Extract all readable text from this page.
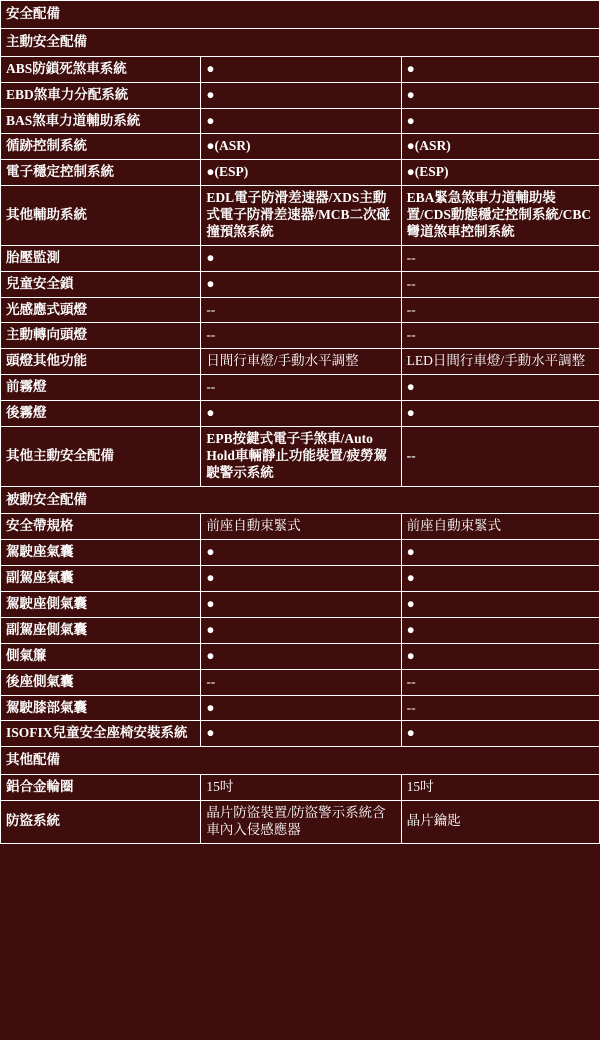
安全配備		
主動安全配備		
ABS防鎖死煞車系統	●	●
EBD煞車力分配系統	●	●
BAS煞車力道輔助系統	●	●
循跡控制系統	●(ASR)	●(ASR)
電子穩定控制系統	●(ESP)	●(ESP)
其他輔助系統	EDL電子防滑差速器/XDS主動式電子防滑差速器/MCB二次碰撞預煞系統	EBA緊急煞車力道輔助裝置/CDS動態穩定控制系統/CBC彎道煞車控制系統
胎壓監測	●	--
兒童安全鎖	●	--
光感應式頭燈	--	--
主動轉向頭燈	--	--
頭燈其他功能	日間行車燈/手動水平調整	LED日間行車燈/手動水平調整
前霧燈	--	●
後霧燈	●	●
其他主動安全配備	EPB按鍵式電子手煞車/Auto Hold車輛靜止功能裝置/疲勞駕駛警示系統	--
被動安全配備		
安全帶規格	前座自動束緊式	前座自動束緊式
駕駛座氣囊	●	●
副駕座氣囊	●	●
駕駛座側氣囊	●	●
副駕座側氣囊	●	●
側氣簾	●	●
後座側氣囊	--	--
駕駛膝部氣囊	●	--
ISOFIX兒童安全座椅安裝系統	●	●
其他配備		
鋁合金輪圈	15吋	15吋
防盜系統	晶片防盜裝置/防盜警示系統含車內入侵感應器	晶片鑰匙
